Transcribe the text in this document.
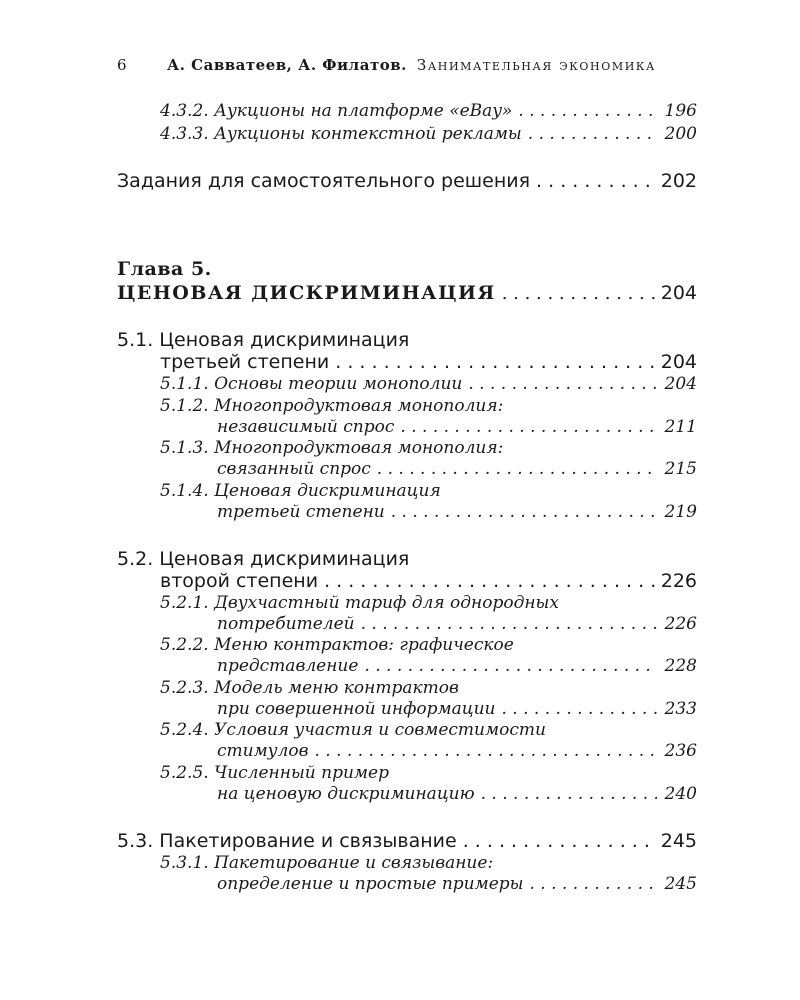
6	А. Савватеев, А. Филатов. Занимательная экономика
4.3.2. Аукционы на платформе «eBay» . . .	196
4.3.3. Аукционы контекстной рекламы . . .	200
Задания для самостоятельного решения . . .	202
Глава 5.
ЦЕНОВАЯ ДИСКРИМИНАЦИЯ . . .	204
5.1. Ценовая дискриминация
третьей степени . . .	204
5.1.1. Основы теории монополии . . .	204
5.1.2. Многопродуктовая монополия:
независимый спрос . . .	211
5.1.3. Многопродуктовая монополия:
связанный спрос . . .	215
5.1.4. Ценовая дискриминация
третьей степени . . .	219
5.2. Ценовая дискриминация
второй степени . . .	226
5.2.1. Двухчастный тариф для однородных
потребителей . . .	226
5.2.2. Меню контрактов: графическое
представление . . .	228
5.2.3. Модель меню контрактов
при совершенной информации . . .	233
5.2.4. Условия участия и совместимости
стимулов . . .	236
5.2.5. Численный пример
на ценовую дискриминацию . . .	240
5.3. Пакетирование и связывание . . .	245
5.3.1. Пакетирование и связывание:
определение и простые примеры . . .	245
